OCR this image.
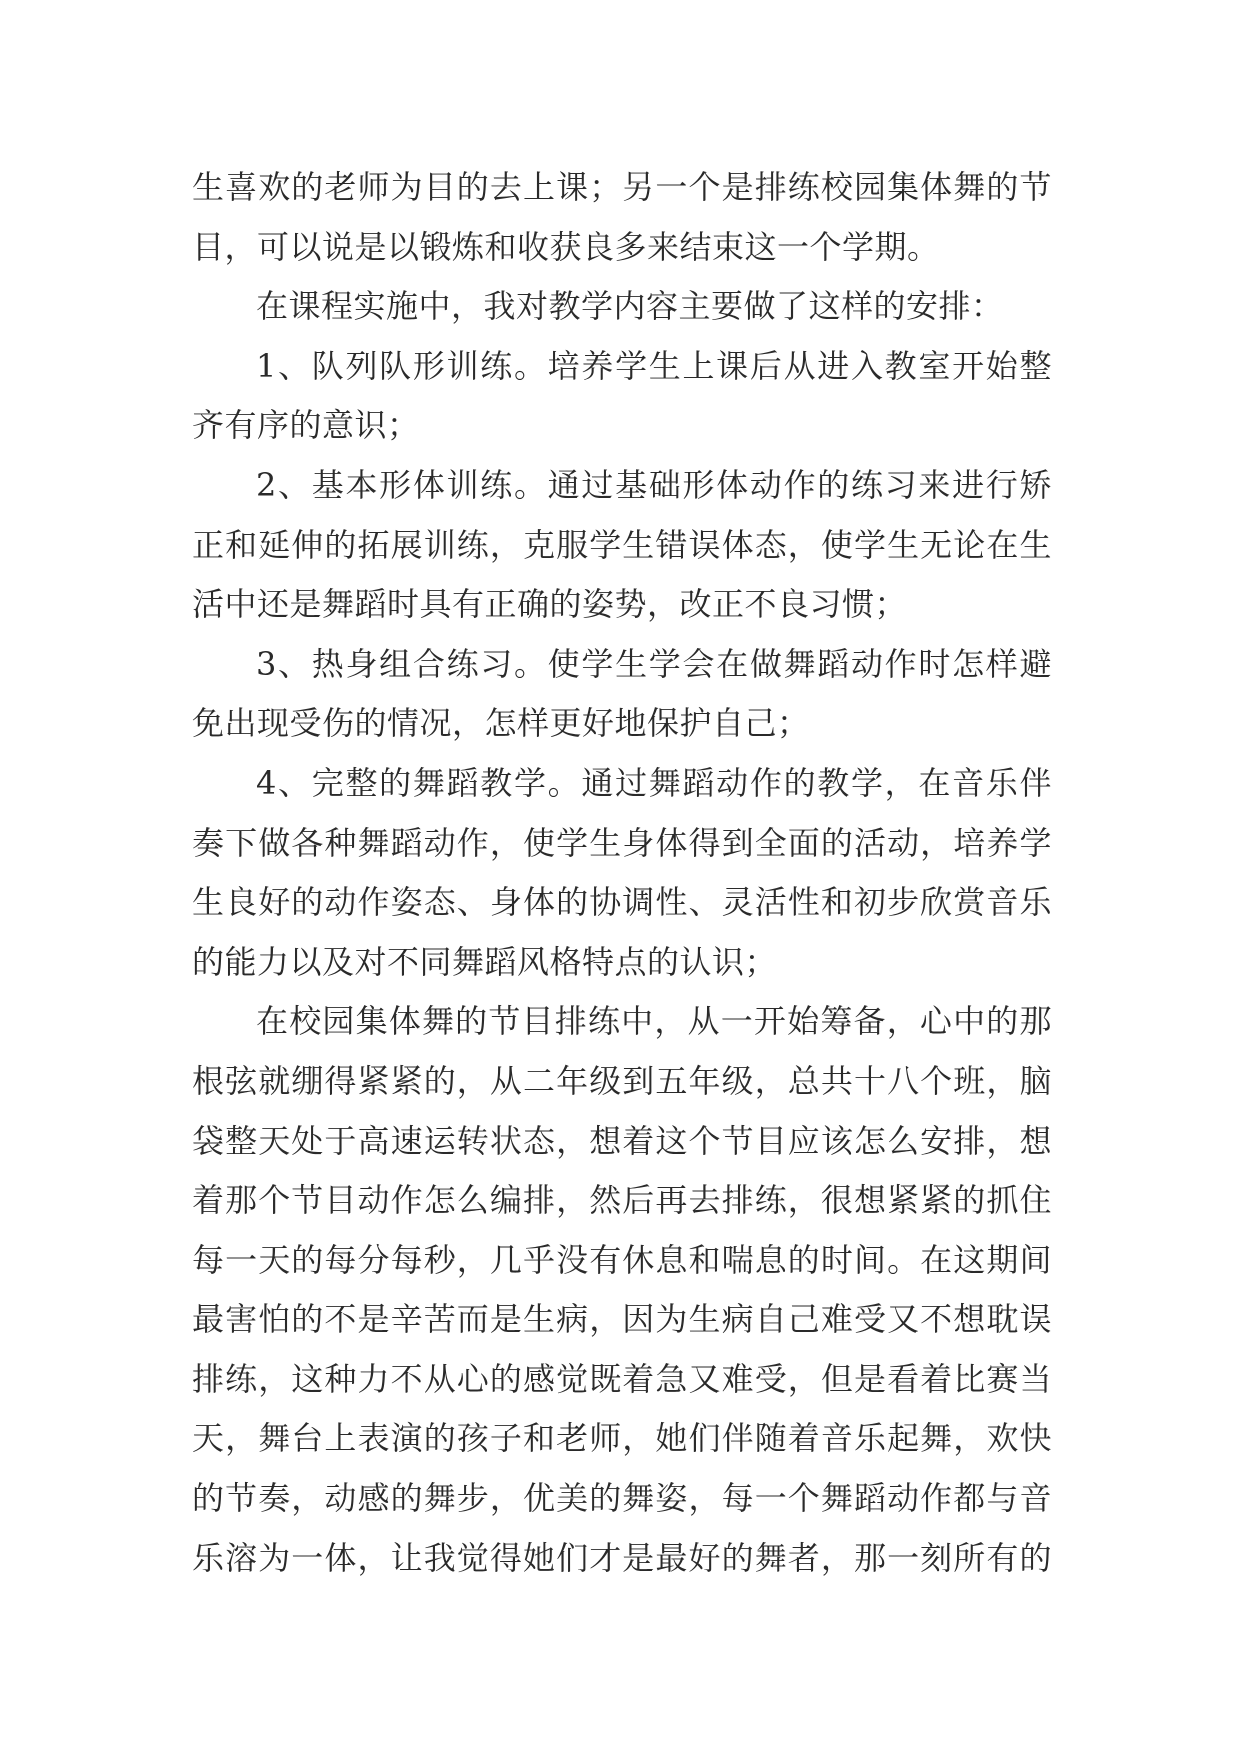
生喜欢的老师为目的去上课；另一个是排练校园集体舞的节
目，可以说是以锻炼和收获良多来结束这一个学期。
在课程实施中，我对教学内容主要做了这样的安排：
1、队列队形训练。培养学生上课后从进入教室开始整
齐有序的意识；
2、基本形体训练。通过基础形体动作的练习来进行矫
正和延伸的拓展训练，克服学生错误体态，使学生无论在生
活中还是舞蹈时具有正确的姿势，改正不良习惯；
3、热身组合练习。使学生学会在做舞蹈动作时怎样避
免出现受伤的情况，怎样更好地保护自己；
4、完整的舞蹈教学。通过舞蹈动作的教学，在音乐伴
奏下做各种舞蹈动作，使学生身体得到全面的活动，培养学
生良好的动作姿态、身体的协调性、灵活性和初步欣赏音乐
的能力以及对不同舞蹈风格特点的认识；
在校园集体舞的节目排练中，从一开始筹备，心中的那
根弦就绷得紧紧的，从二年级到五年级，总共十八个班，脑
袋整天处于高速运转状态，想着这个节目应该怎么安排，想
着那个节目动作怎么编排，然后再去排练，很想紧紧的抓住
每一天的每分每秒，几乎没有休息和喘息的时间。在这期间
最害怕的不是辛苦而是生病，因为生病自己难受又不想耽误
排练，这种力不从心的感觉既着急又难受，但是看着比赛当
天，舞台上表演的孩子和老师，她们伴随着音乐起舞，欢快
的节奏，动感的舞步，优美的舞姿，每一个舞蹈动作都与音
乐溶为一体，让我觉得她们才是最好的舞者，那一刻所有的
